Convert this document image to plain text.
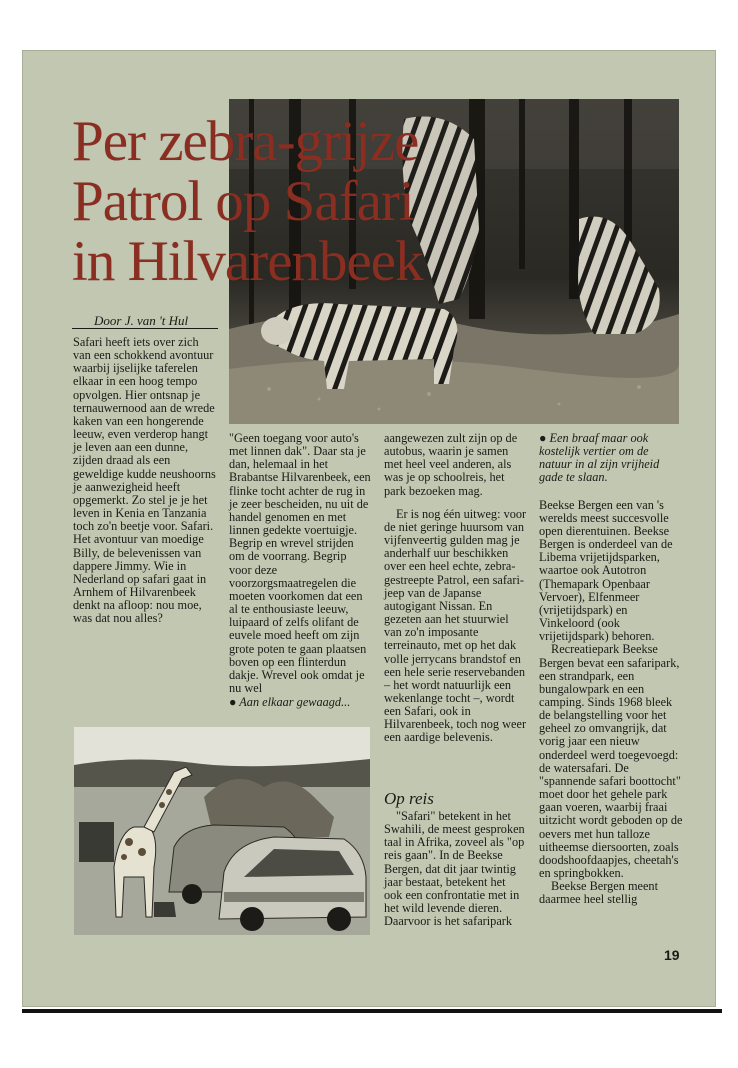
Per zebra-grijze
Patrol op Safari
in Hilvarenbeek
Door J. van 't Hul

Safari heeft iets over zich van een schokkend avontuur waarbij ijselijke taferelen elkaar in een hoog tempo opvolgen. Hier ontsnap je ternauwernood aan de wrede kaken van een hongerende leeuw, even verderop hangt je leven aan een dunne, zijden draad als een geweldige kudde neushoorns je aanwezigheid heeft opgemerkt. Zo stel je je het leven in Kenia en Tanzania toch zo'n beetje voor. Safari. Het avontuur van moedige Billy, de belevenissen van dappere Jimmy. Wie in Nederland op safari gaat in Arnhem of Hilvarenbeek denkt na afloop: nou moe, was dat nou alles?

"Geen toegang voor auto's met linnen dak". Daar sta je dan, helemaal in het Brabantse Hilvarenbeek, een flinke tocht achter de rug in je zeer bescheiden, nu uit de handel genomen en met linnen gedekte voertuigje. Begrip en wrevel strijden om de voorrang. Begrip voor deze voorzorgsmaatregelen die moeten voorkomen dat een al te enthousiaste leeuw, luipaard of zelfs olifant de euvele moed heeft om zijn grote poten te gaan plaatsen boven op een flinterdun dakje. Wrevel ook omdat je nu wel

● Aan elkaar gewaagd...

aangewezen zult zijn op de autobus, waarin je samen met heel veel anderen, als was je op schoolreis, het park bezoeken mag.

Er is nog één uitweg: voor de niet geringe huursom van vijfenveertig gulden mag je anderhalf uur beschikken over een heel echte, zebra-gestreepte Patrol, een safari-jeep van de Japanse autogigant Nissan. En gezeten aan het stuurwiel van zo'n imposante terreinauto, met op het dak volle jerrycans brandstof en een hele serie reservebanden – het wordt natuurlijk een wekenlange tocht –, wordt een Safari, ook in Hilvarenbeek, toch nog weer een aardige belevenis.

Op reis

"Safari" betekent in het Swahili, de meest gesproken taal in Afrika, zoveel als "op reis gaan". In de Beekse Bergen, dat dit jaar twintig jaar bestaat, betekent het ook een confrontatie met in het wild levende dieren. Daarvoor is het safaripark

● Een braaf maar ook kostelijk vertier om de natuur in al zijn vrijheid gade te slaan.

Beekse Bergen een van 's werelds meest succesvolle open dierentuinen. Beekse Bergen is onderdeel van de Libema vrijetijdsparken, waartoe ook Autotron (Themapark Openbaar Vervoer), Elfenmeer (vrijetijdspark) en Vinkeloord (ook vrijetijdspark) behoren.

Recreatiepark Beekse Bergen bevat een safaripark, een strandpark, een bungalowpark en een camping. Sinds 1968 bleek de belangstelling voor het geheel zo omvangrijk, dat vorig jaar een nieuw onderdeel werd toegevoegd: de watersafari. De "spannende safari boottocht" moet door het gehele park gaan voeren, waarbij fraai uitzicht wordt geboden op de oevers met hun talloze uitheemse diersoorten, zoals doodshoofdaapjes, cheetah's en springbokken.

Beekse Bergen meent daarmee heel stellig

19
